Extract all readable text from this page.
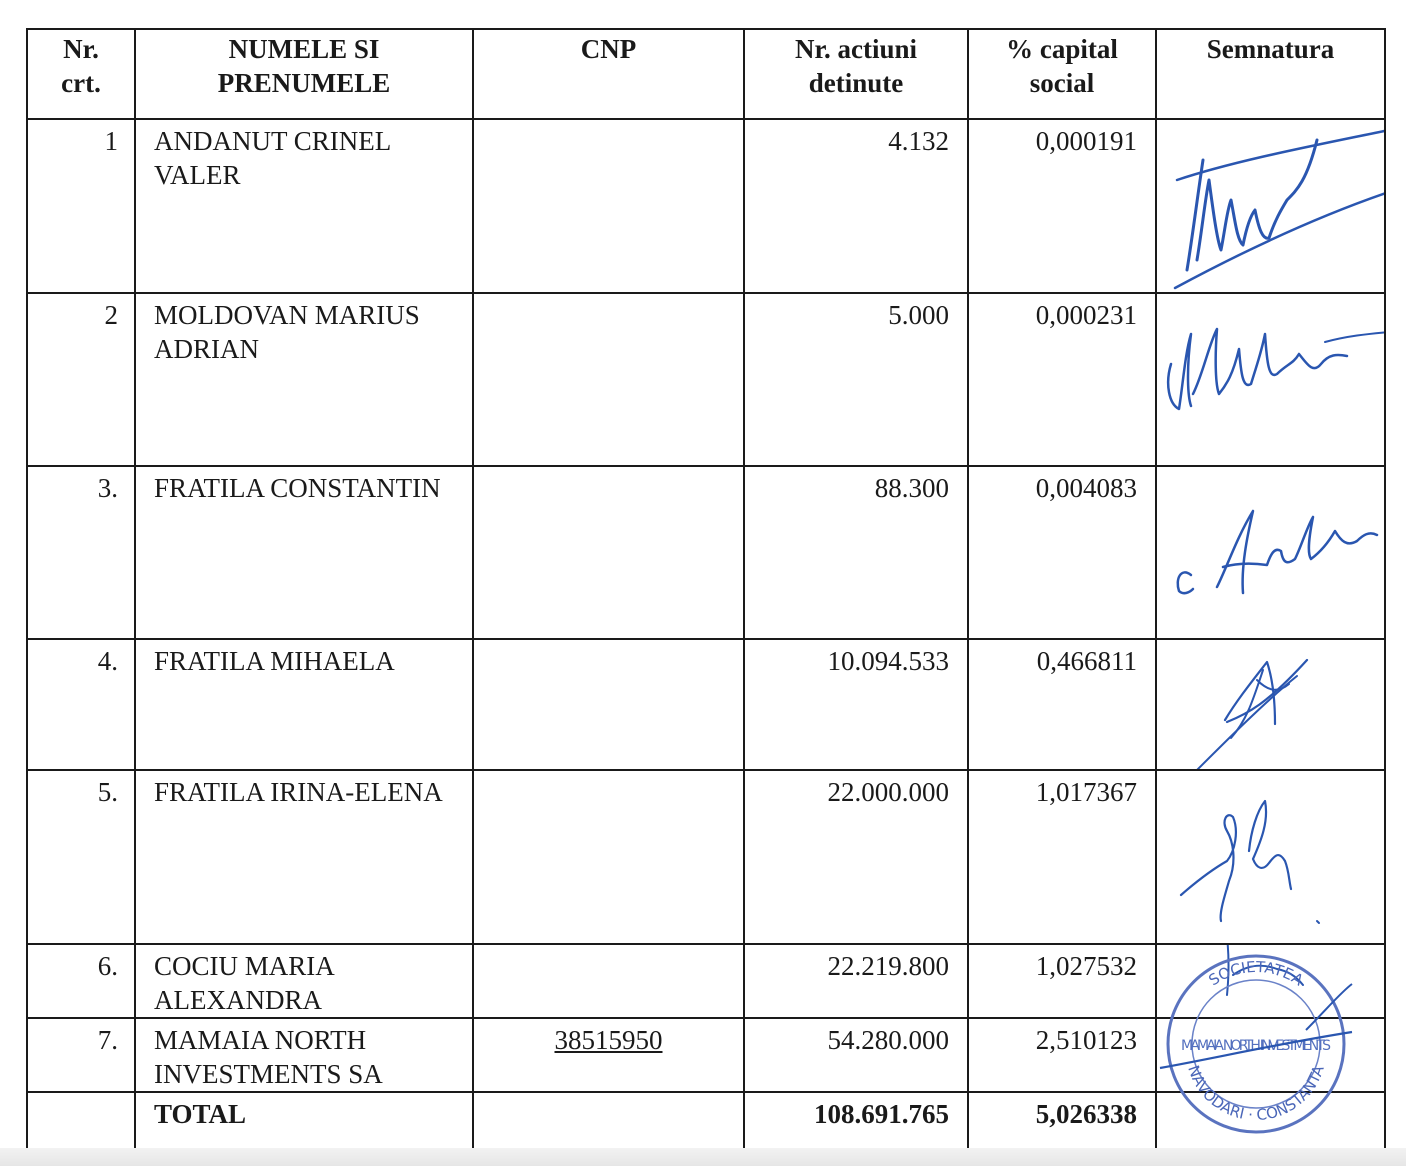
Nr. crt.	NUMELE SI PRENUMELE	CNP	Nr. actiuni detinute	% capital social	Semnatura
1	ANDANUT CRINEL VALER		4.132	0,000191	

2	MOLDOVAN MARIUS ADRIAN		5.000	0,000231	

3.	FRATILA CONSTANTIN		88.300	0,004083	

4.	FRATILA MIHAELA		10.094.533	0,466811	

5.	FRATILA IRINA-ELENA		22.000.000	1,017367	

6.	COCIU MARIA ALEXANDRA		22.219.800	1,027532	

7.	MAMAIA NORTH INVESTMENTS SA	38515950	54.280.000	2,510123	
	TOTAL		108.691.765	5,026338	
SOCIETATEA
NAVODARI · CONSTANTA
MAMAIA NORTH INVESTMENTS
